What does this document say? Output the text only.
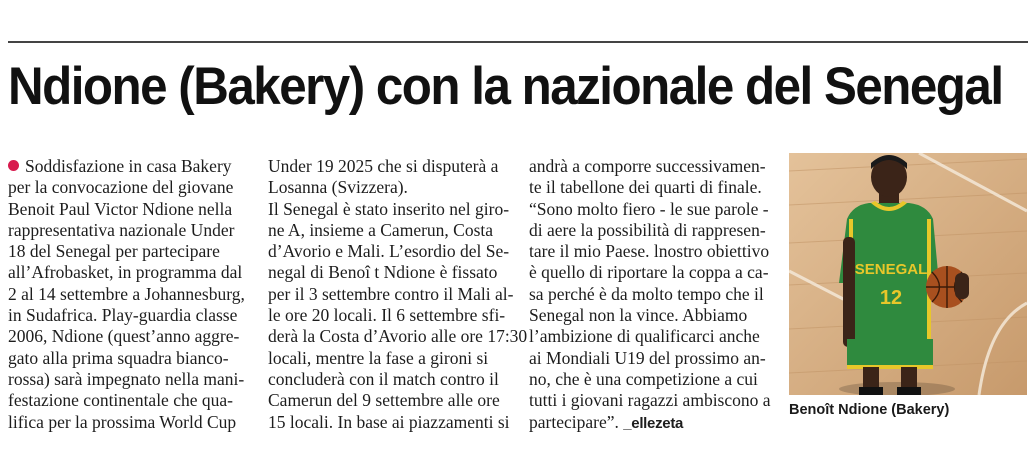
Ndione (Bakery) con la nazionale del Senegal
Soddisfazione in casa Bakery
per la convocazione del giovane
Benoit Paul Victor Ndione nella
rappresentativa nazionale Under
18 del Senegal per partecipare
all’Afrobasket, in programma dal
2 al 14 settembre a Johannesburg,
in Sudafrica. Play-guardia classe
2006, Ndione (quest’anno aggre-
gato alla prima squadra bianco-
rossa) sarà impegnato nella mani-
festazione continentale che qua-
lifica per la prossima World Cup
Under 19 2025 che si disputerà a
Losanna (Svizzera).
Il Senegal è stato inserito nel giro-
ne A, insieme a Camerun, Costa
d’Avorio e Mali. L’esordio del Se-
negal di Benoî t Ndione è fissato
per il 3 settembre contro il Mali al-
le ore 20 locali. Il 6 settembre sfi-
derà la Costa d’Avorio alle ore 17:30
locali, mentre la fase a gironi si
concluderà con il match contro il
Camerun del 9 settembre alle ore
15 locali. In base ai piazzamenti si
andrà a comporre successivamen-
te il tabellone dei quarti di finale.
“Sono molto fiero - le sue parole -
di aere la possibilità di rappresen-
tare il mio Paese. lnostro obiettivo
è quello di riportare la coppa a ca-
sa perché è da molto tempo che il
Senegal non la vince. Abbiamo
l’ambizione di qualificarci anche
ai Mondiali U19 del prossimo an-
no, che è una competizione a cui
tutti i giovani ragazzi ambiscono a
partecipare”. _ellezeta
SENEGAL
12
Benoît Ndione (Bakery)
